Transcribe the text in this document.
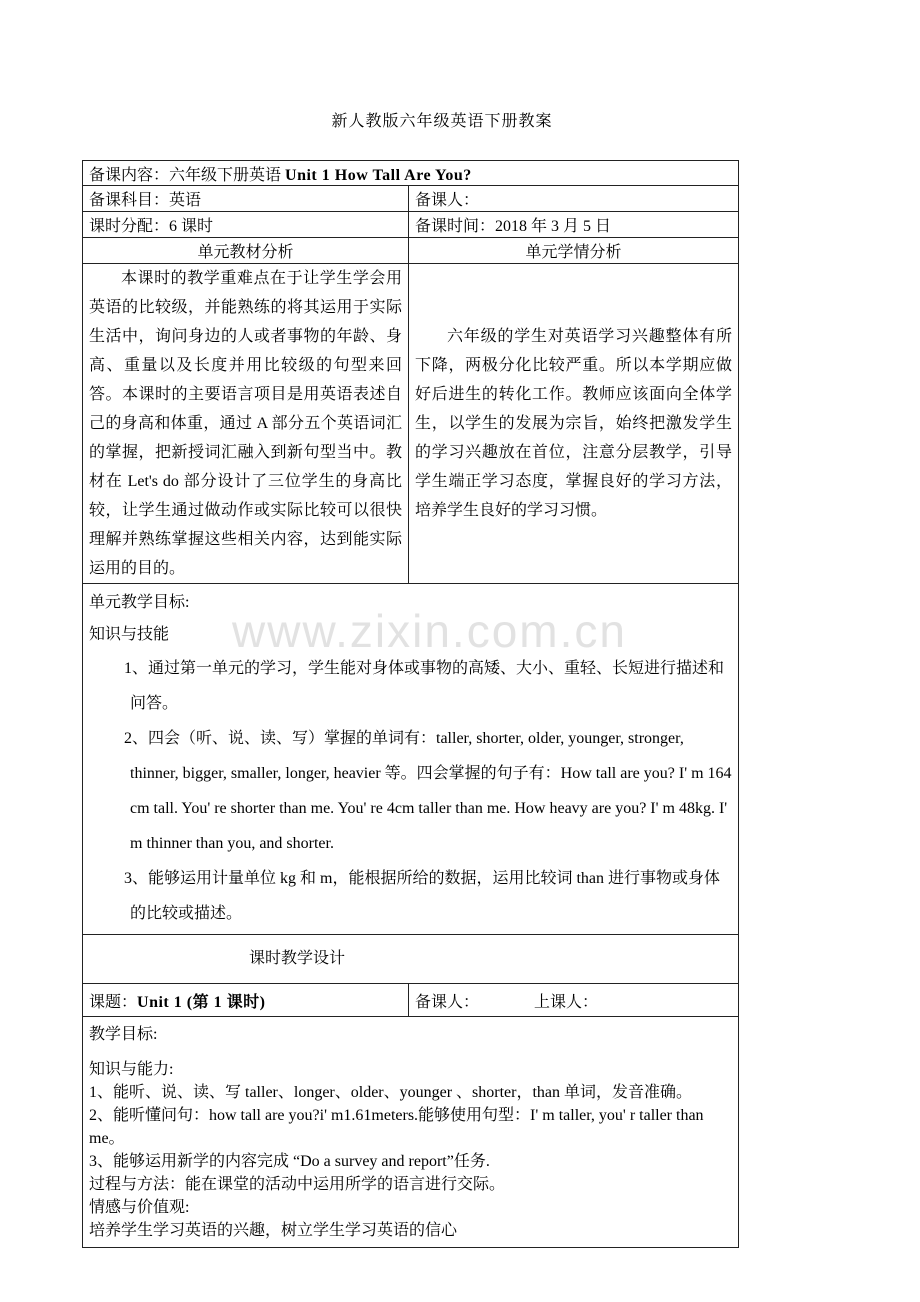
www.zixin.com.cn
新人教版六年级英语下册教案
备课内容：六年级下册英语 Unit 1 How Tall Are You?	
备课科目：英语	备课人：
课时分配：6 课时	备课时间：2018 年 3 月 5 日
单元教材分析	单元学情分析

本课时的教学重难点在于让学生学会用英语的比较级，并能熟练的将其运用于实际生活中，询问身边的人或者事物的年龄、身高、重量以及长度并用比较级的句型来回答。本课时的主要语言项目是用英语表述自己的身高和体重，通过 A 部分五个英语词汇的掌握，把新授词汇融入到新句型当中。教材在 Let's do 部分设计了三位学生的身高比较，让学生通过做动作或实际比较可以很快理解并熟练掌握这些相关内容，达到能实际运用的目的。	六年级的学生对英语学习兴趣整体有所下降，两极分化比较严重。所以本学期应做好后进生的转化工作。教师应该面向全体学生，以学生的发展为宗旨，始终把激发学生的学习兴趣放在首位，注意分层教学，引导学生端正学习态度，掌握良好的学习方法，培养学生良好的学习习惯。

单元教学目标:
知识与技能
1、通过第一单元的学习，学生能对身体或事物的高矮、大小、重轻、长短进行描述和问答。
2、四会（听、说、读、写）掌握的单词有：taller, shorter, older, younger, stronger, thinner, bigger, smaller, longer, heavier 等。四会掌握的句子有：How tall are you? I' m 164 cm tall. You' re shorter than me. You' re 4cm taller than me. How heavy are you? I' m 48kg. I' m thinner than you, and shorter.
3、能够运用计量单位 kg 和 m，能根据所给的数据，运用比较词 than 进行事物或身体的比较或描述。	

课时教学设计	

课题：Unit 1 (第 1 课时)	备课人： 上课人：

教学目标:
知识与能力:
1、能听、说、读、写 taller、longer、older、younger 、shorter，than 单词，发音准确。
2、能听懂问句：how tall are you?i' m1.61meters.能够使用句型：I' m taller, you' r taller than me。
3、能够运用新学的内容完成 “Do a survey and report”任务.
过程与方法：能在课堂的活动中运用所学的语言进行交际。
情感与价值观:
培养学生学习英语的兴趣，树立学生学习英语的信心
